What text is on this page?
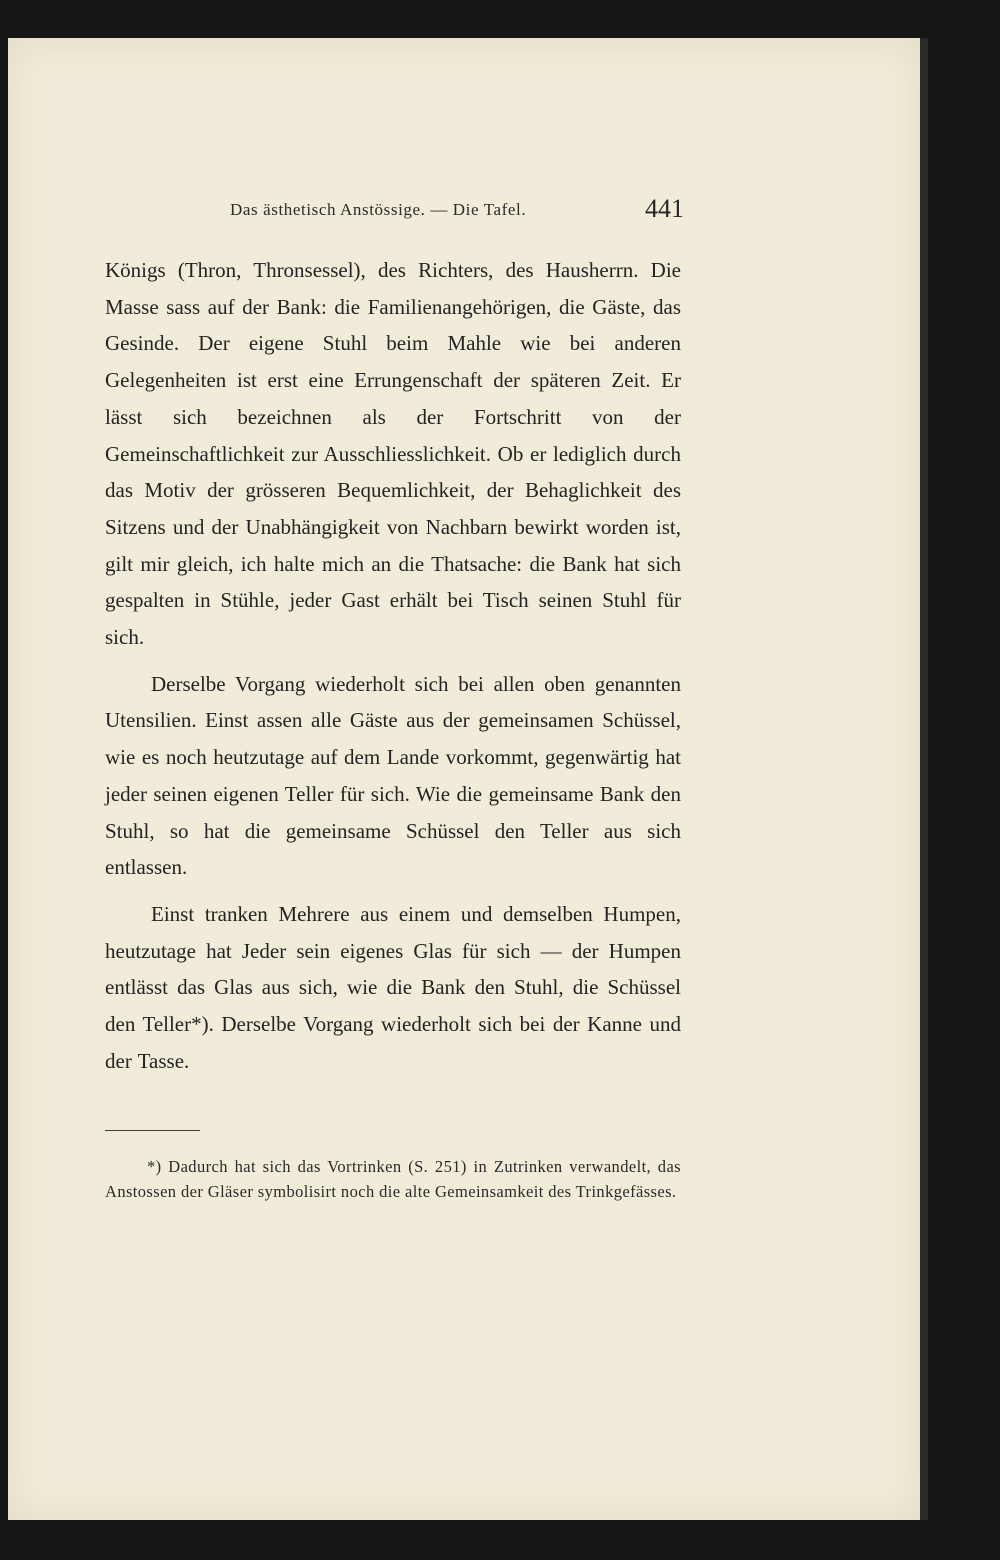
Das ästhetisch Anstössige. — Die Tafel.	441

Königs (Thron, Thronsessel), des Richters, des Hausherrn. Die Masse sass auf der Bank: die Familienangehörigen, die Gäste, das Gesinde. Der eigene Stuhl beim Mahle wie bei anderen Gelegenheiten ist erst eine Errungenschaft der späteren Zeit. Er lässt sich bezeichnen als der Fortschritt von der Gemeinschaftlichkeit zur Ausschliesslichkeit. Ob er lediglich durch das Motiv der grösseren Bequemlichkeit, der Behaglichkeit des Sitzens und der Unabhängigkeit von Nachbarn bewirkt worden ist, gilt mir gleich, ich halte mich an die Thatsache: die Bank hat sich gespalten in Stühle, jeder Gast erhält bei Tisch seinen Stuhl für sich.

Derselbe Vorgang wiederholt sich bei allen oben genannten Utensilien. Einst assen alle Gäste aus der gemeinsamen Schüssel, wie es noch heutzutage auf dem Lande vorkommt, gegenwärtig hat jeder seinen eigenen Teller für sich. Wie die gemeinsame Bank den Stuhl, so hat die gemeinsame Schüssel den Teller aus sich entlassen.

Einst tranken Mehrere aus einem und demselben Humpen, heutzutage hat Jeder sein eigenes Glas für sich — der Humpen entlässt das Glas aus sich, wie die Bank den Stuhl, die Schüssel den Teller*). Derselbe Vorgang wiederholt sich bei der Kanne und der Tasse.

*) Dadurch hat sich das Vortrinken (S. 251) in Zutrinken verwandelt, das Anstossen der Gläser symbolisirt noch die alte Gemeinsamkeit des Trinkgefässes.
